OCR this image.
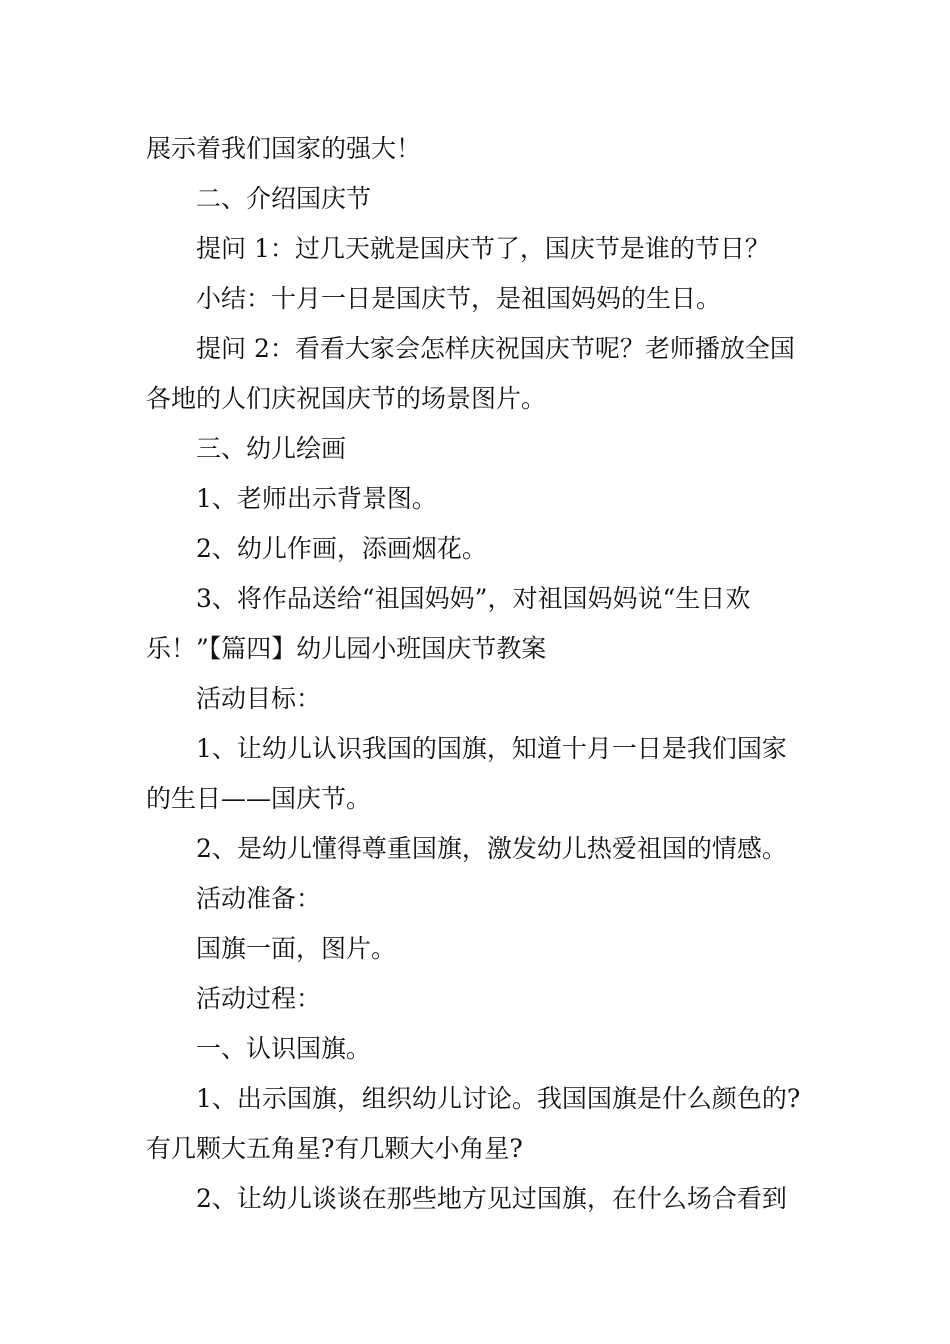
展示着我们国家的强大！
二、介绍国庆节
提问 1：过几天就是国庆节了，国庆节是谁的节日？
小结：十月一日是国庆节，是祖国妈妈的生日。
提问 2：看看大家会怎样庆祝国庆节呢？老师播放全国
各地的人们庆祝国庆节的场景图片。
三、幼儿绘画
1、老师出示背景图。
2、幼儿作画，添画烟花。
3、将作品送给“祖国妈妈”，对祖国妈妈说“生日欢
乐！”【篇四】幼儿园小班国庆节教案
活动目标：
1、让幼儿认识我国的国旗，知道十月一日是我们国家
的生日——国庆节。
2、是幼儿懂得尊重国旗，激发幼儿热爱祖国的情感。
活动准备：
国旗一面，图片。
活动过程：
一、认识国旗。
1、出示国旗，组织幼儿讨论。我国国旗是什么颜色的?
有几颗大五角星?有几颗大小角星?
2、让幼儿谈谈在那些地方见过国旗，在什么场合看到
